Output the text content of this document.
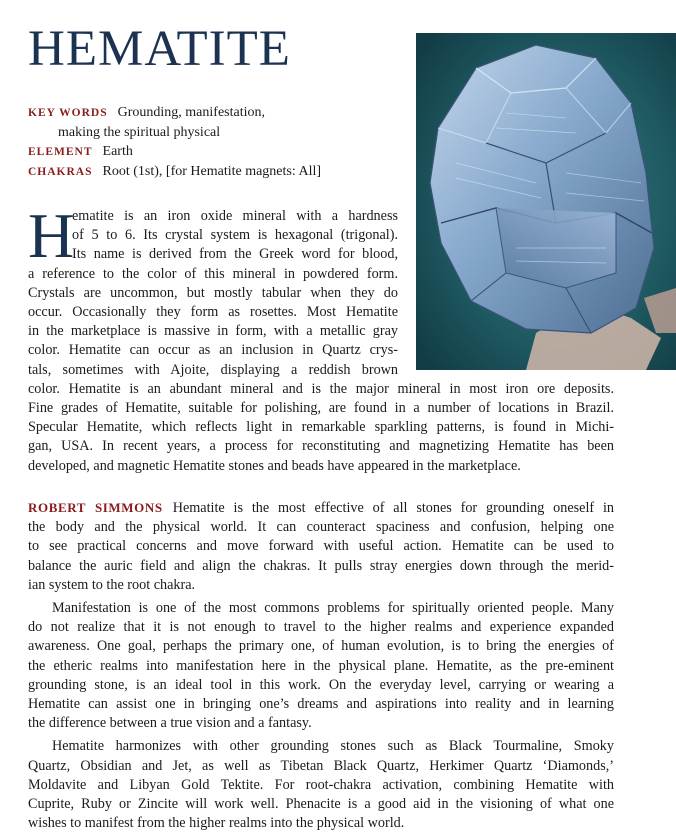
HEMATITE
KEY WORDS Grounding, manifestation,
making the spiritual physical
ELEMENT Earth
CHAKRAS Root (1st), [for Hematite magnets: All]
H
ematite is an iron oxide mineral with a hardness
of 5 to 6. Its crystal system is hexagonal (trigonal).
Its name is derived from the Greek word for blood,
a reference to the color of this mineral in powdered form.
Crystals are uncommon, but mostly tabular when they do
occur. Occasionally they form as rosettes. Most Hematite
in the marketplace is massive in form, with a metallic gray
color. Hematite can occur as an inclusion in Quartz crys-
tals, sometimes with Ajoite, displaying a reddish brown
color. Hematite is an abundant mineral and is the major mineral in most iron ore deposits.
Fine grades of Hematite, suitable for polishing, are found in a number of locations in Brazil.
Specular Hematite, which reflects light in remarkable sparkling patterns, is found in Michi-
gan, USA. In recent years, a process for reconstituting and magnetizing Hematite has been
developed, and magnetic Hematite stones and beads have appeared in the marketplace.

ROBERT SIMMONS Hematite is the most effective of all stones for grounding oneself in
the body and the physical world. It can counteract spaciness and confusion, helping one
to see practical concerns and move forward with useful action. Hematite can be used to
balance the auric field and align the chakras. It pulls stray energies down through the merid-
ian system to the root chakra.

Manifestation is one of the most commons problems for spiritually oriented people. Many
do not realize that it is not enough to travel to the higher realms and experience expanded
awareness. One goal, perhaps the primary one, of human evolution, is to bring the energies of
the etheric realms into manifestation here in the physical plane. Hematite, as the pre-eminent
grounding stone, is an ideal tool in this work. On the everyday level, carrying or wearing a
Hematite can assist one in bringing one’s dreams and aspirations into reality and in learning
the difference between a true vision and a fantasy.

Hematite harmonizes with other grounding stones such as Black Tourmaline, Smoky
Quartz, Obsidian and Jet, as well as Tibetan Black Quartz, Herkimer Quartz ‘Diamonds,’
Moldavite and Libyan Gold Tektite. For root-chakra activation, combining Hematite with
Cuprite, Ruby or Zincite will work well. Phenacite is a good aid in the visioning of what one
wishes to manifest from the higher realms into the physical world.
